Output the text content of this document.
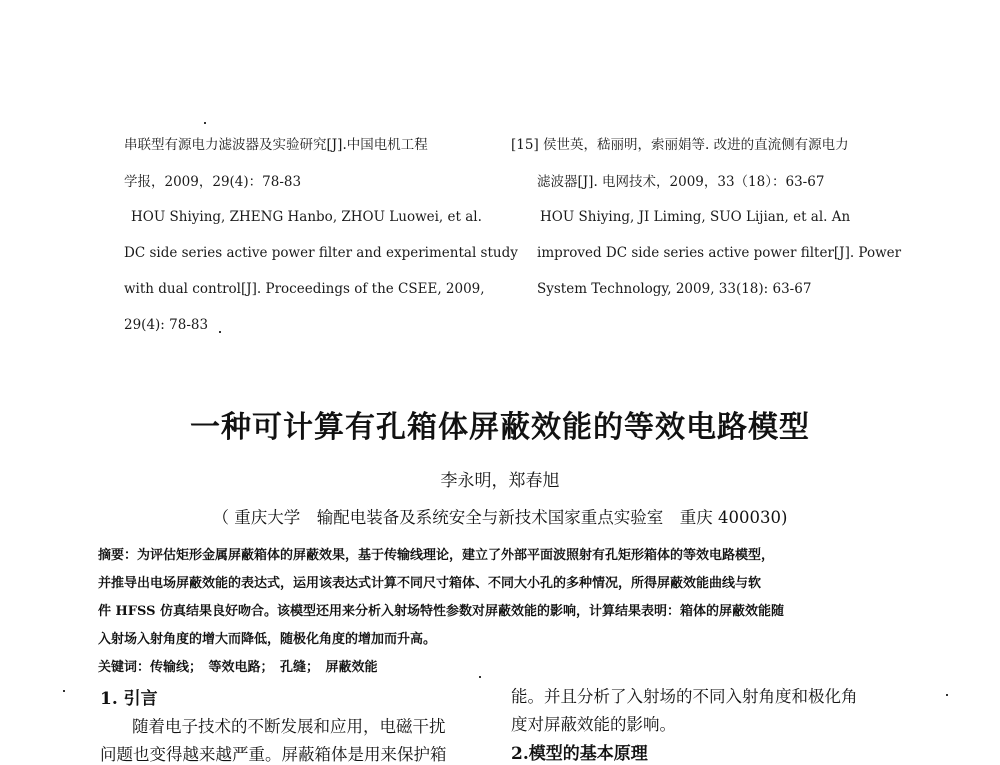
串联型有源电力滤波器及实验研究[J].中国电机工程
学报，2009，29(4)：78-83
HOU Shiying, ZHENG Hanbo, ZHOU Luowei, et al.
DC side series active power filter and experimental study
with dual control[J]. Proceedings of the CSEE, 2009,
29(4): 78-83
[15] 侯世英，嵇丽明，索丽娟等. 改进的直流侧有源电力
滤波器[J]. 电网技术，2009，33（18）：63-67
HOU Shiying, JI Liming, SUO Lijian, et al. An
improved DC side series active power filter[J]. Power
System Technology, 2009, 33(18): 63-67
一种可计算有孔箱体屏蔽效能的等效电路模型
李永明，郑春旭
（ 重庆大学　输配电装备及系统安全与新技术国家重点实验室　重庆 400030)
摘要：为评估矩形金属屏蔽箱体的屏蔽效果，基于传输线理论，建立了外部平面波照射有孔矩形箱体的等效电路模型，
并推导出电场屏蔽效能的表达式，运用该表达式计算不同尺寸箱体、不同大小孔的多种情况，所得屏蔽效能曲线与软
件 HFSS 仿真结果良好吻合。该模型还用来分析入射场特性参数对屏蔽效能的影响，计算结果表明：箱体的屏蔽效能随
入射场入射角度的增大而降低，随极化角度的增加而升高。
关键词：传输线；　等效电路；　孔缝；　屏蔽效能
1. 引言
随着电子技术的不断发展和应用，电磁干扰
问题也变得越来越严重。屏蔽箱体是用来保护箱
能。并且分析了入射场的不同入射角度和极化角
度对屏蔽效能的影响。
2.模型的基本原理
